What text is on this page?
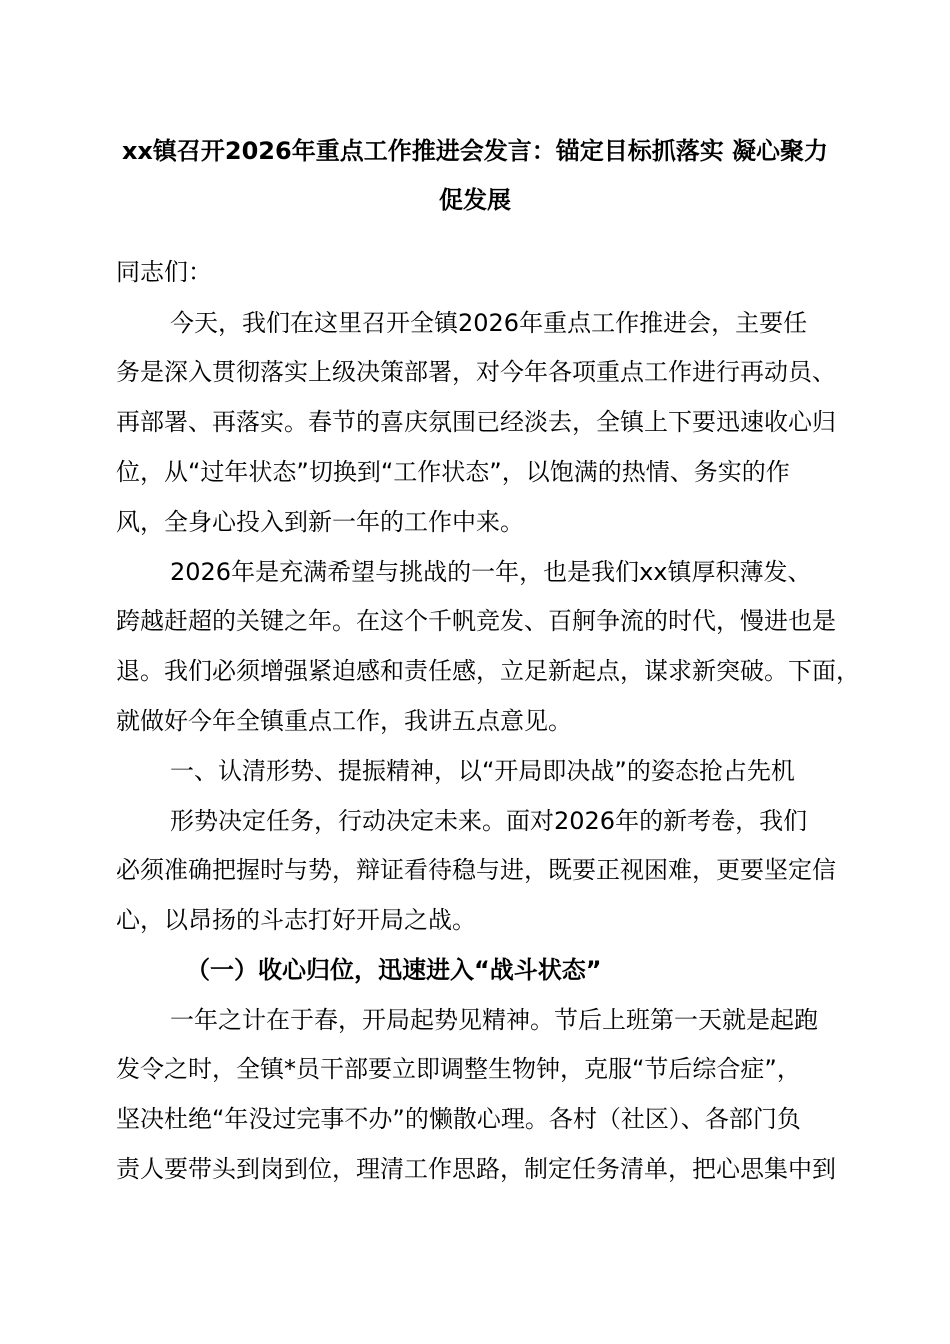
xx镇召开2026年重点工作推进会发言：锚定目标抓落实 凝心聚力
促发展
同志们：
今天，我们在这里召开全镇2026年重点工作推进会，主要任
务是深入贯彻落实上级决策部署，对今年各项重点工作进行再动员、
再部署、再落实。春节的喜庆氛围已经淡去，全镇上下要迅速收心归
位，从“过年状态”切换到“工作状态”，以饱满的热情、务实的作
风，全身心投入到新一年的工作中来。
2026年是充满希望与挑战的一年，也是我们xx镇厚积薄发、
跨越赶超的关键之年。在这个千帆竞发、百舸争流的时代，慢进也是
退。我们必须增强紧迫感和责任感，立足新起点，谋求新突破。下面，
就做好今年全镇重点工作，我讲五点意见。
一、认清形势、提振精神，以“开局即决战”的姿态抢占先机
形势决定任务，行动决定未来。面对2026年的新考卷，我们
必须准确把握时与势，辩证看待稳与进，既要正视困难，更要坚定信
心，以昂扬的斗志打好开局之战。
（一）收心归位，迅速进入“战斗状态”
一年之计在于春，开局起势见精神。节后上班第一天就是起跑
发令之时，全镇*员干部要立即调整生物钟，克服“节后综合症”，
坚决杜绝“年没过完事不办”的懒散心理。各村（社区）、各部门负
责人要带头到岗到位，理清工作思路，制定任务清单，把心思集中到
